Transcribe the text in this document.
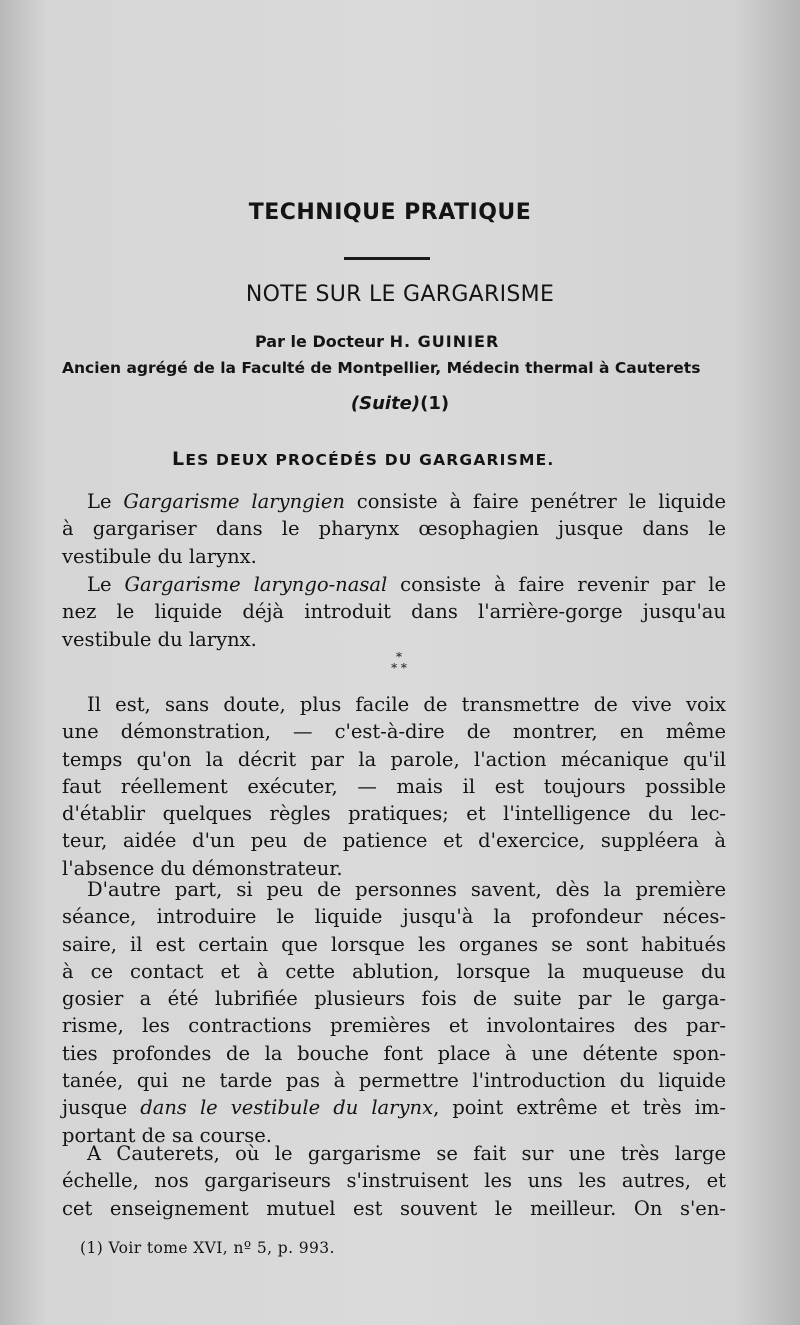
TECHNIQUE PRATIQUE
NOTE SUR LE GARGARISME
Par le Docteur H. GUINIER
Ancien agrégé de la Faculté de Montpellier, Médecin thermal à Cauterets
(Suite)(1)
LES DEUX PROCÉDÉS DU GARGARISME.
Le Gargarisme laryngien consiste à faire penétrer le liquide
à gargariser dans le pharynx œsophagien jusque dans le
vestibule du larynx.
Le Gargarisme laryngo-nasal consiste à faire revenir par le
nez le liquide déjà introduit dans l'arrière-gorge jusqu'au
vestibule du larynx.
*
* *
Il est, sans doute, plus facile de transmettre de vive voix
une démonstration, — c'est-à-dire de montrer, en même
temps qu'on la décrit par la parole, l'action mécanique qu'il
faut réellement exécuter, — mais il est toujours possible
d'établir quelques règles pratiques; et l'intelligence du lec-
teur, aidée d'un peu de patience et d'exercice, suppléera à
l'absence du démonstrateur.
D'autre part, si peu de personnes savent, dès la première
séance, introduire le liquide jusqu'à la profondeur néces-
saire, il est certain que lorsque les organes se sont habitués
à ce contact et à cette ablution, lorsque la muqueuse du
gosier a été lubrifiée plusieurs fois de suite par le garga-
risme, les contractions premières et involontaires des par-
ties profondes de la bouche font place à une détente spon-
tanée, qui ne tarde pas à permettre l'introduction du liquide
jusque dans le vestibule du larynx, point extrême et très im-
portant de sa course.
A Cauterets, où le gargarisme se fait sur une très large
échelle, nos gargariseurs s'instruisent les uns les autres, et
cet enseignement mutuel est souvent le meilleur. On s'en-
(1) Voir tome XVI, nº 5, p. 993.
